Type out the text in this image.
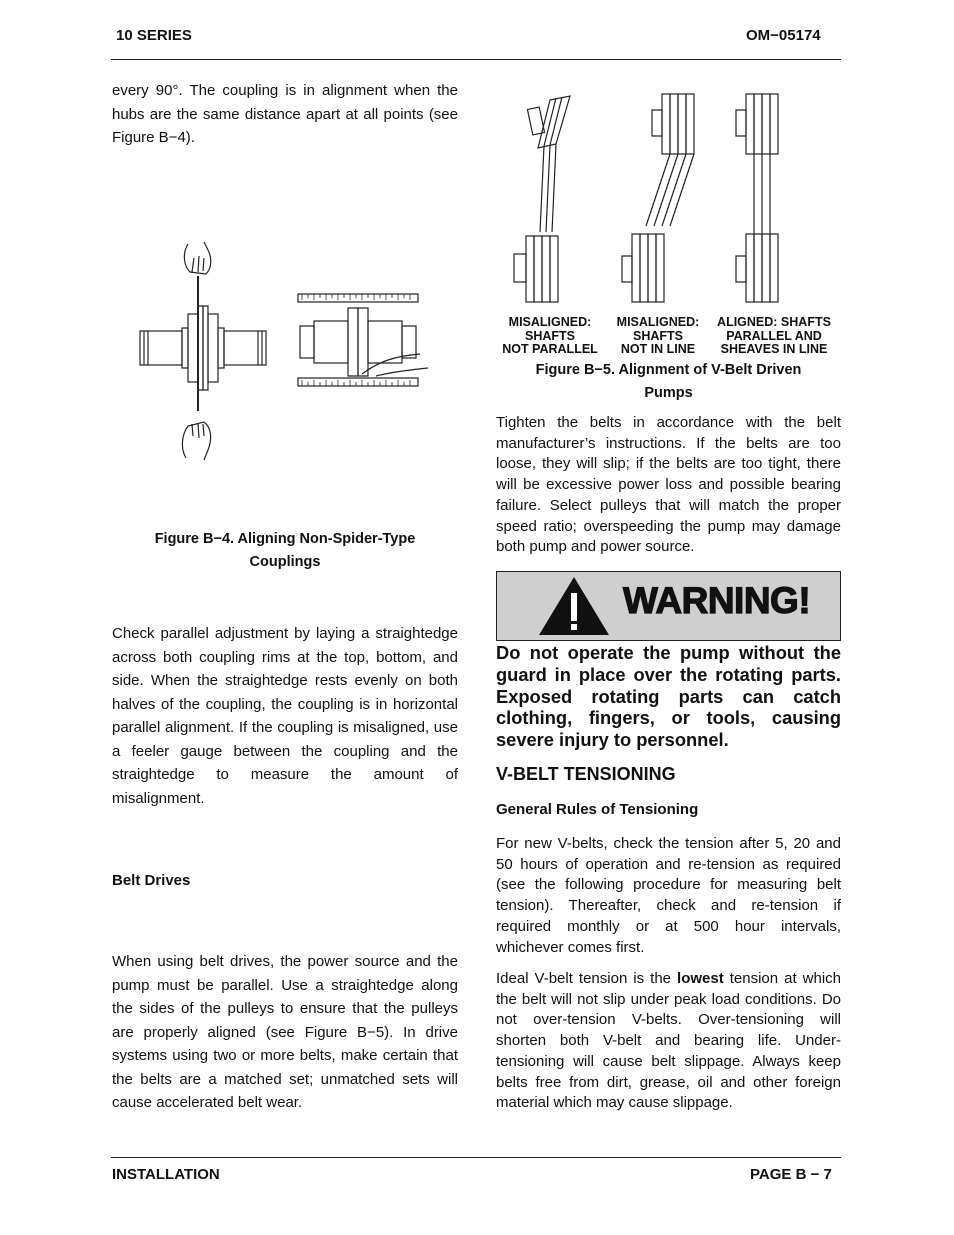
10 SERIES	OM−05174
every 90°. The coupling is in alignment when the hubs are the same distance apart at all points (see Figure B−4).
Figure B−4. Aligning Non-Spider-Type
Couplings
Check parallel adjustment by laying a straightedge across both coupling rims at the top, bottom, and side. When the straightedge rests evenly on both halves of the coupling, the coupling is in horizontal parallel alignment. If the coupling is misaligned, use a feeler gauge between the coupling and the straightedge to measure the amount of misalignment.
Belt Drives
When using belt drives, the power source and the pump must be parallel. Use a straightedge along the sides of the pulleys to ensure that the pulleys are properly aligned (see Figure B−5). In drive systems using two or more belts, make certain that the belts are a matched set; unmatched sets will cause accelerated belt wear.
MISALIGNED:
SHAFTS
NOT PARALLEL
MISALIGNED:
SHAFTS
NOT IN LINE
ALIGNED: SHAFTS
PARALLEL AND
SHEAVES IN LINE
Figure B−5. Alignment of V-Belt Driven
Pumps
Tighten the belts in accordance with the belt manufacturer’s instructions. If the belts are too loose, they will slip; if the belts are too tight, there will be excessive power loss and possible bearing failure. Select pulleys that will match the proper speed ratio; overspeeding the pump may damage both pump and power source.
WARNING!
Do not operate the pump without the guard in place over the rotating parts. Exposed rotating parts can catch clothing, fingers, or tools, causing severe injury to personnel.
V-BELT TENSIONING
General Rules of Tensioning
For new V-belts, check the tension after 5, 20 and 50 hours of operation and re-tension as required (see the following procedure for measuring belt tension). Thereafter, check and re-tension if required monthly or at 500 hour intervals, whichever comes first.
Ideal V-belt tension is the lowest tension at which the belt will not slip under peak load conditions. Do not over-tension V-belts. Over-tensioning will shorten both V-belt and bearing life. Under-tensioning will cause belt slippage. Always keep belts free from dirt, grease, oil and other foreign material which may cause slippage.
INSTALLATION	PAGE B − 7
